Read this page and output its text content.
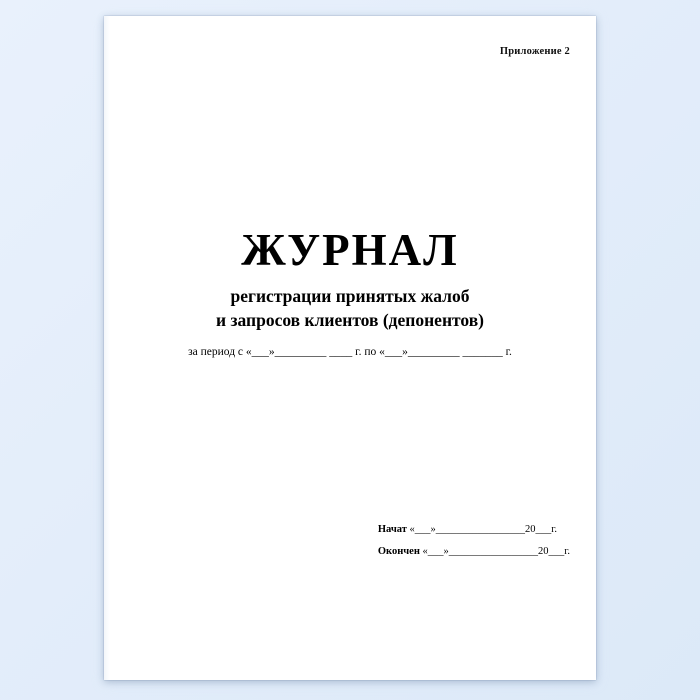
Приложение 2
ЖУРНАЛ
регистрации принятых жалоб
и запросов клиентов (депонентов)
за период с «___»_________ ____ г. по «___»_________ _______ г.
Начат «___»_________________20___г.
Окончен «___»_________________20___г.
